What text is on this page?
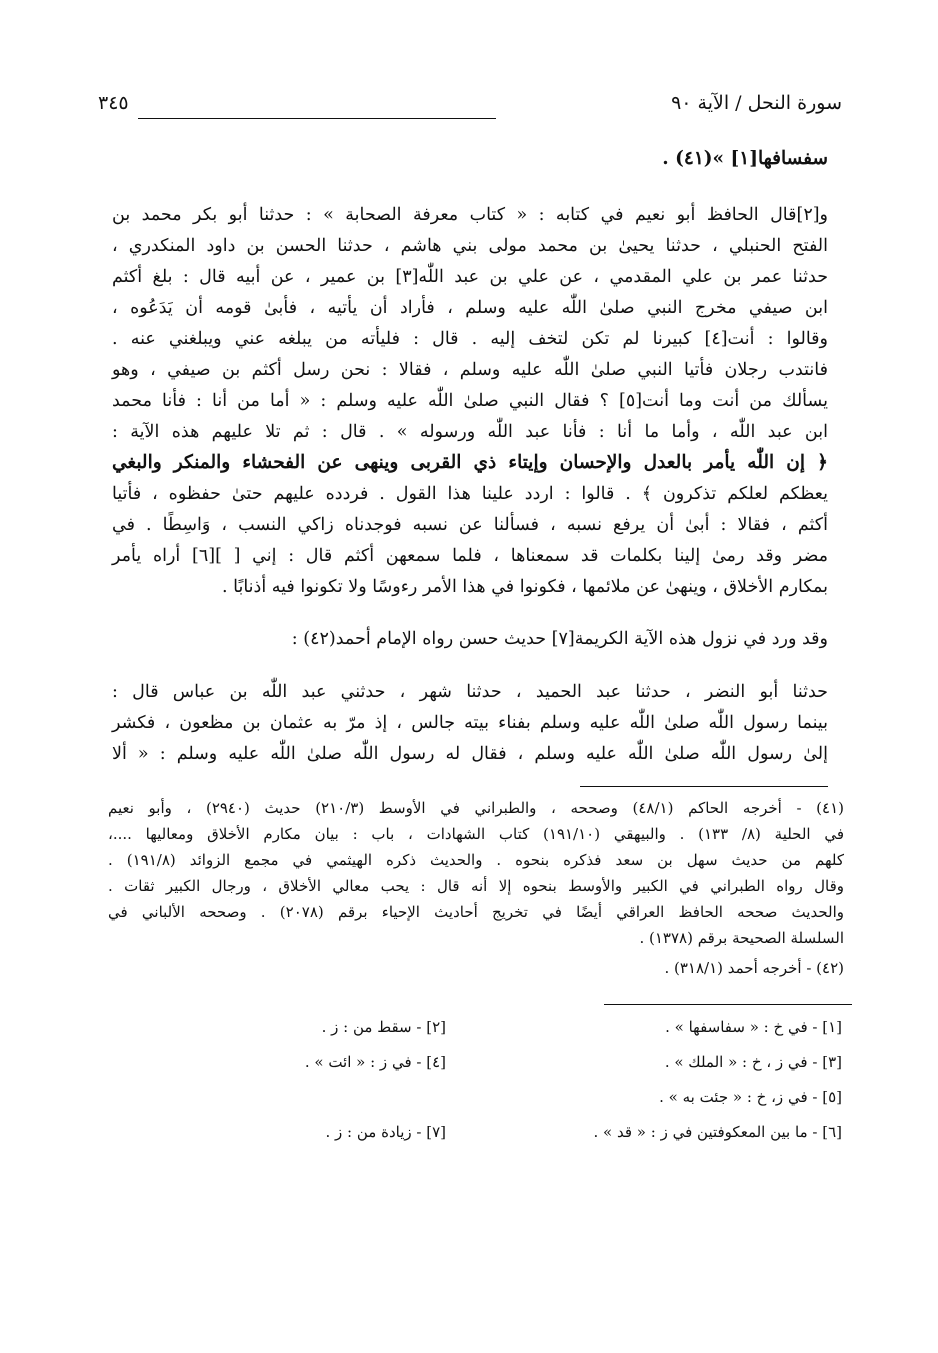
سورة النحل / الآية ٩٠
٣٤٥
سفسافها[١] »(٤١) .
و[٢]قال الحافظ أبو نعيم في كتابه : « كتاب معرفة الصحابة » : حدثنا أبو بكر محمد بن
الفتح الحنبلي ، حدثنا يحيىٰ بن محمد مولى بني هاشم ، حدثنا الحسن بن داود المنكدري ،
حدثنا عمر بن علي المقدمي ، عن علي بن عبد اللّٰه[٣] بن عمير ، عن أبيه قال : بلغ أكثم
ابن صيفي مخرج النبي صلىٰ اللّٰه عليه وسلم ، فأراد أن يأتيه ، فأبىٰ قومه أن يَدَعُوه ،
وقالوا : أنت[٤] كبيرنا لم تكن لتخف إليه . قال : فليأته من يبلغه عني ويبلغني عنه .
فانتدب رجلان فأتيا النبي صلىٰ اللّٰه عليه وسلم ، فقالا : نحن رسل أكثم بن صيفي ، وهو
يسألك من أنت وما أنت[٥] ؟ فقال النبي صلىٰ اللّٰه عليه وسلم : « أما من أنا : فأنا محمد
ابن عبد اللّٰه ، وأما ما أنا : فأنا عبد اللّٰه ورسوله » . قال : ثم تلا عليهم هذه الآية :
﴿ إن اللّٰه يأمر بالعدل والإحسان وإيتاء ذي القربى وينهى عن الفحشاء والمنكر والبغي
يعظكم لعلكم تذكرون ﴾ . قالوا : اردد علينا هذا القول . فردده عليهم حتىٰ حفظوه ، فأتيا
أكثم ، فقالا : أبىٰ أن يرفع نسبه ، فسألنا عن نسبه فوجدناه زاكي النسب ، وَاسِطًا . في
مضر وقد رمىٰ إلينا بكلمات قد سمعناها ، فلما سمعهن أكثم قال : إني [ ][٦] أراه يأمر
بمكارم الأخلاق ، وينهىٰ عن ملائمها ، فكونوا في هذا الأمر رءوسًا ولا تكونوا فيه أذنابًا .
وقد ورد في نزول هذه الآية الكريمة[٧] حديث حسن رواه الإمام أحمد(٤٢) :
حدثنا أبو النضر ، حدثنا عبد الحميد ، حدثنا شهر ، حدثني عبد اللّٰه بن عباس قال :
بينما رسول اللّٰه صلىٰ اللّٰه عليه وسلم بفناء بيته جالس ، إذ مرّ به عثمان بن مظعون ، فكشر
إلىٰ رسول اللّٰه صلىٰ اللّٰه عليه وسلم ، فقال له رسول اللّٰه صلىٰ اللّٰه عليه وسلم : « ألا
(٤١) - أخرجه الحاكم (٤٨/١) وصححه ، والطبراني في الأوسط (٢١٠/٣) حديث (٢٩٤٠) ، وأبو نعيم
في الحلية (٨/ ١٣٣) . والبيهقي (١٩١/١٠) كتاب الشهادات ، باب : بيان مكارم الأخلاق ومعاليها ....،
كلهم من حديث سهل بن سعد فذكره بنحوه . والحديث ذكره الهيثمي في مجمع الزوائد (١٩١/٨) .
وقال رواه الطبراني في الكبير والأوسط بنحوه إلا أنه قال : يحب معالي الأخلاق ، ورجال الكبير ثقات .
والحديث صححه الحافظ العراقي أيضًا في تخريج أحاديث الإحياء برقم (٢٠٧٨) . وصححه الألباني في
السلسلة الصحيحة برقم (١٣٧٨) .
(٤٢) - أخرجه أحمد (٣١٨/١) .
[١] - في خ : « سفاسفها » .
[٢] - سقط من : ز .
[٣] - في ز ، خ : « الملك » .
[٤] - في ز : « ائت » .
[٥] - في ز، خ : « جئت به » .
[٦] - ما بين المعكوفتين في ز : « قد » .
[٧] - زيادة من : ز .
